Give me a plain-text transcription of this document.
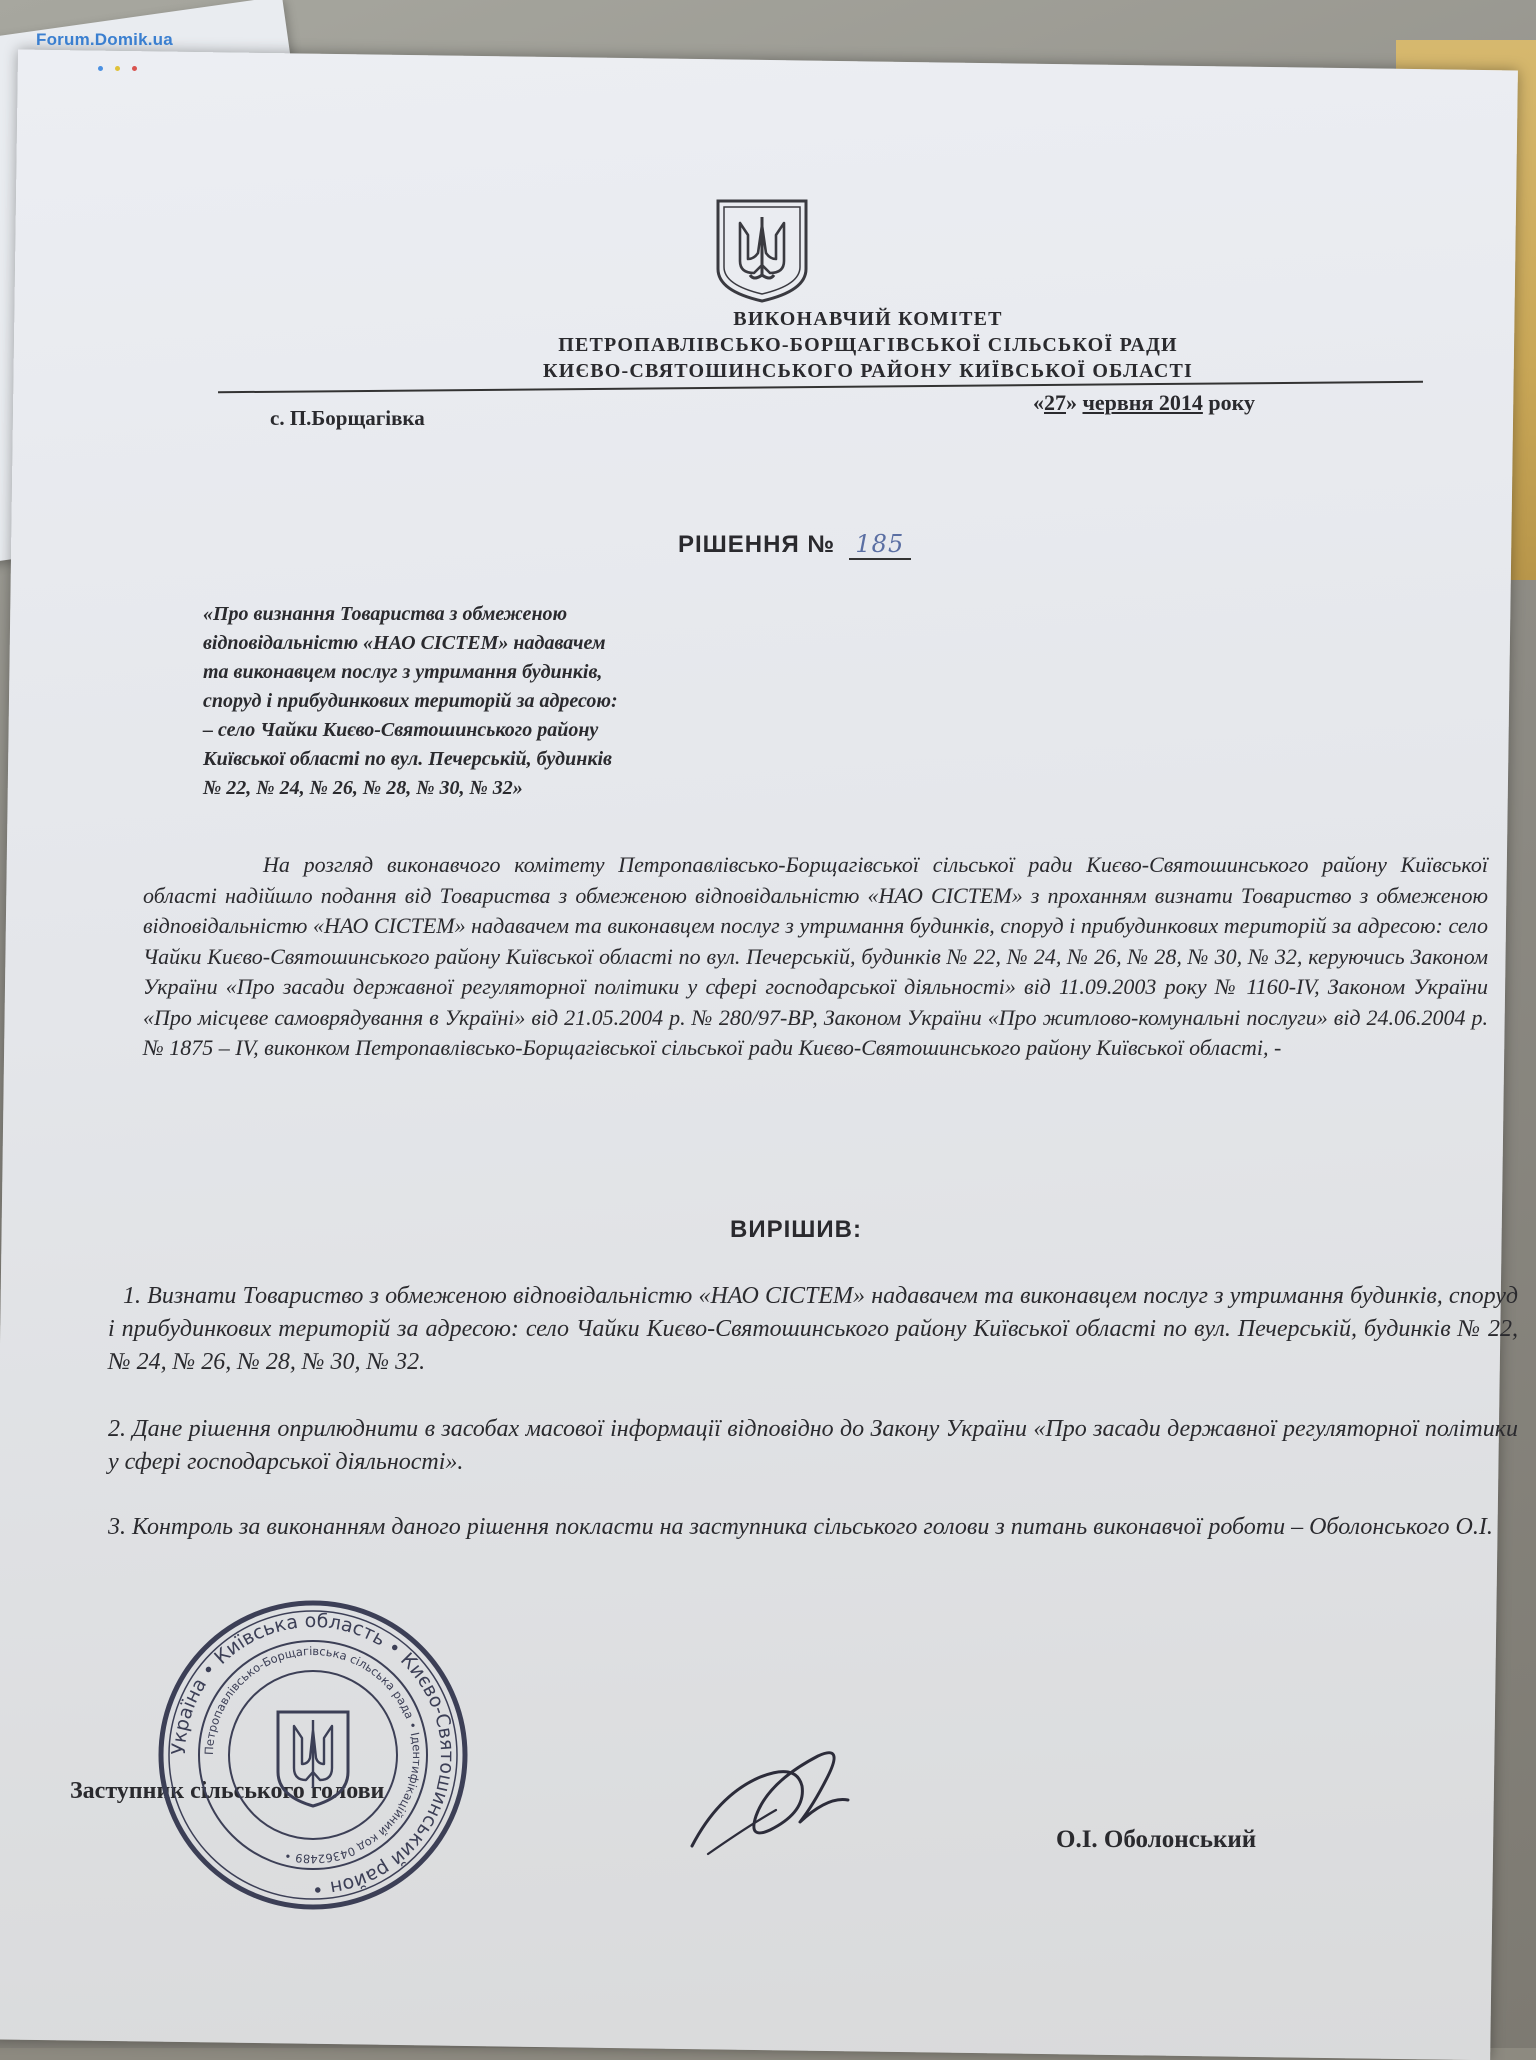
Forum.Domik.ua
ВИКОНАВЧИЙ КОМІТЕТ
ПЕТРОПАВЛІВСЬКО-БОРЩАГІВСЬКОЇ СІЛЬСЬКОЇ РАДИ
КИЄВО-СВЯТОШИНСЬКОГО РАЙОНУ КИЇВСЬКОЇ ОБЛАСТІ
с. П.Борщагівка
«27» червня 2014 року
РІШЕННЯ № 185
«Про визнання Товариства з обмеженою
відповідальністю «НАО СІСТЕМ» надавачем
та виконавцем послуг з утримання будинків,
споруд і прибудинкових територій за адресою:
– село Чайки Києво-Святошинського району
Київської області по вул. Печерській, будинків
№ 22, № 24, № 26, № 28, № 30, № 32»
На розгляд виконавчого комітету Петропавлівсько-Борщагівської сільської ради Києво-Святошинського району Київської області надійшло подання від Товариства з обмеженою відповідальністю «НАО СІСТЕМ» з проханням визнати Товариство з обмеженою відповідальністю «НАО СІСТЕМ» надавачем та виконавцем послуг з утримання будинків, споруд і прибудинкових територій за адресою: село Чайки Києво-Святошинського району Київської області по вул. Печерській, будинків № 22, № 24, № 26, № 28, № 30, № 32, керуючись Законом України «Про засади державної регуляторної політики у сфері господарської діяльності» від 11.09.2003 року № 1160-IV, Законом України «Про місцеве самоврядування в Україні» від 21.05.2004 р. № 280/97-ВР, Законом України «Про житлово-комунальні послуги» від 24.06.2004 р. № 1875 – IV, виконком Петропавлівсько-Борщагівської сільської ради Києво-Святошинського району Київської області, -
ВИРІШИВ:
1. Визнати Товариство з обмеженою відповідальністю «НАО СІСТЕМ» надавачем та виконавцем послуг з утримання будинків, споруд і прибудинкових територій за адресою: село Чайки Києво-Святошинського району Київської області по вул. Печерській, будинків № 22, № 24, № 26, № 28, № 30, № 32.
2. Дане рішення оприлюднити в засобах масової інформації відповідно до Закону України «Про засади державної регуляторної політики у сфері господарської діяльності».
3. Контроль за виконанням даного рішення покласти на заступника сільського голови з питань виконавчої роботи – Оболонського О.І.
Заступник сільського голови
О.І. Оболонський
Україна • Київська область • Києво-Святошинський район •
Петропавлівсько-Борщагівська сільська рада • Ідентифікаційний код 04362489 •
